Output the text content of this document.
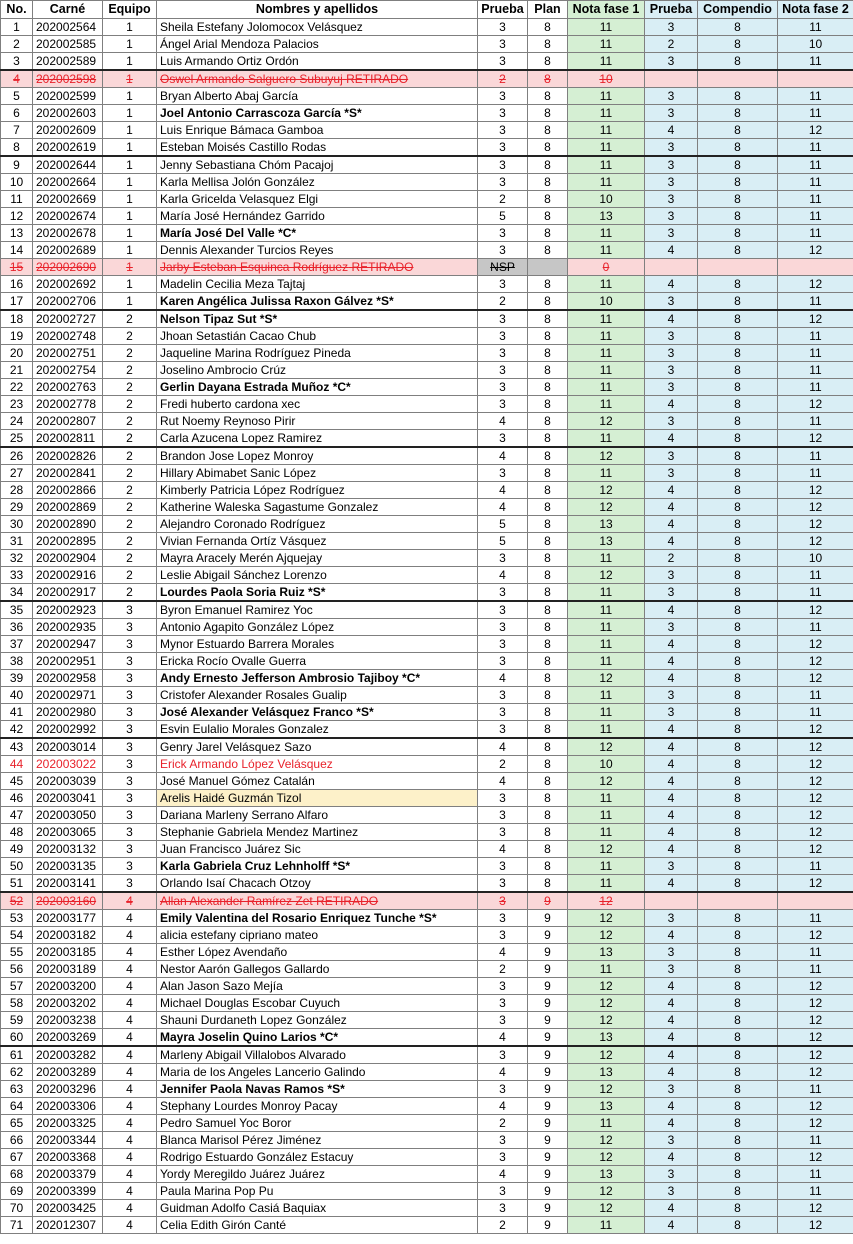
No.	Carné	Equipo	Nombres y apellidos	Prueba	Plan	Nota fase 1	Prueba	Compendio	Nota fase 2
1	202002564	1	Sheila Estefany Jolomocox Velásquez	3	8	11	3	8	11
2	202002585	1	Ángel Arial Mendoza Palacios	3	8	11	2	8	10
3	202002589	1	Luis Armando Ortiz Ordón	3	8	11	3	8	11
4	202002598	1	Oswel Armando Salguero Subuyuj RETIRADO	2	8	10			
5	202002599	1	Bryan Alberto Abaj García	3	8	11	3	8	11
6	202002603	1	Joel Antonio Carrascoza García *S*	3	8	11	3	8	11
7	202002609	1	Luis Enrique Bámaca Gamboa	3	8	11	4	8	12
8	202002619	1	Esteban Moisés Castillo Rodas	3	8	11	3	8	11
9	202002644	1	Jenny Sebastiana Chóm Pacajoj	3	8	11	3	8	11
10	202002664	1	Karla Mellisa Jolón González	3	8	11	3	8	11
11	202002669	1	Karla Gricelda Velasquez Elgi	2	8	10	3	8	11
12	202002674	1	María José Hernández Garrido	5	8	13	3	8	11
13	202002678	1	María José Del Valle *C*	3	8	11	3	8	11
14	202002689	1	Dennis Alexander Turcios Reyes	3	8	11	4	8	12
15	202002690	1	Jarby Esteban Esquinca Rodríguez RETIRADO	NSP		0			
16	202002692	1	Madelin Cecilia Meza Tajtaj	3	8	11	4	8	12
17	202002706	1	Karen Angélica Julissa Raxon Gálvez *S*	2	8	10	3	8	11
18	202002727	2	Nelson Tipaz Sut *S*	3	8	11	4	8	12
19	202002748	2	Jhoan Setastián Cacao Chub	3	8	11	3	8	11
20	202002751	2	Jaqueline Marina Rodríguez Pineda	3	8	11	3	8	11
21	202002754	2	Joselino Ambrocio Crúz	3	8	11	3	8	11
22	202002763	2	Gerlin Dayana Estrada Muñoz *C*	3	8	11	3	8	11
23	202002778	2	Fredi huberto cardona xec	3	8	11	4	8	12
24	202002807	2	Rut Noemy Reynoso Pirir	4	8	12	3	8	11
25	202002811	2	Carla Azucena Lopez Ramirez	3	8	11	4	8	12
26	202002826	2	Brandon Jose Lopez Monroy	4	8	12	3	8	11
27	202002841	2	Hillary Abimabet Sanic López	3	8	11	3	8	11
28	202002866	2	Kimberly Patricia López Rodríguez	4	8	12	4	8	12
29	202002869	2	Katherine Waleska Sagastume Gonzalez	4	8	12	4	8	12
30	202002890	2	Alejandro Coronado Rodríguez	5	8	13	4	8	12
31	202002895	2	Vivian Fernanda Ortíz Vásquez	5	8	13	4	8	12
32	202002904	2	Mayra Aracely Merén Ajquejay	3	8	11	2	8	10
33	202002916	2	Leslie Abigail Sánchez Lorenzo	4	8	12	3	8	11
34	202002917	2	Lourdes Paola Soria Ruiz *S*	3	8	11	3	8	11
35	202002923	3	Byron Emanuel Ramirez Yoc	3	8	11	4	8	12
36	202002935	3	Antonio Agapito González López	3	8	11	3	8	11
37	202002947	3	Mynor Estuardo Barrera Morales	3	8	11	4	8	12
38	202002951	3	Ericka Rocío Ovalle Guerra	3	8	11	4	8	12
39	202002958	3	Andy Ernesto Jefferson Ambrosio Tajiboy *C*	4	8	12	4	8	12
40	202002971	3	Cristofer Alexander Rosales Gualip	3	8	11	3	8	11
41	202002980	3	José Alexander Velásquez Franco *S*	3	8	11	3	8	11
42	202002992	3	Esvin Eulalio Morales Gonzalez	3	8	11	4	8	12
43	202003014	3	Genry Jarel Velásquez Sazo	4	8	12	4	8	12
44	202003022	3	Erick Armando López Velásquez	2	8	10	4	8	12
45	202003039	3	José Manuel Gómez Catalán	4	8	12	4	8	12
46	202003041	3	Arelis Haidé Guzmán Tizol	3	8	11	4	8	12
47	202003050	3	Dariana Marleny Serrano Alfaro	3	8	11	4	8	12
48	202003065	3	Stephanie Gabriela Mendez Martinez	3	8	11	4	8	12
49	202003132	3	Juan Francisco Juárez Sic	4	8	12	4	8	12
50	202003135	3	Karla Gabriela Cruz Lehnholff *S*	3	8	11	3	8	11
51	202003141	3	Orlando Isaí Chacach Otzoy	3	8	11	4	8	12
52	202003160	4	Allan Alexander Ramírez Zet RETIRADO	3	9	12			
53	202003177	4	Emily Valentina del Rosario Enriquez Tunche *S*	3	9	12	3	8	11
54	202003182	4	alicia estefany cipriano mateo	3	9	12	4	8	12
55	202003185	4	Esther López Avendaño	4	9	13	3	8	11
56	202003189	4	Nestor Aarón Gallegos Gallardo	2	9	11	3	8	11
57	202003200	4	Alan Jason Sazo Mejía	3	9	12	4	8	12
58	202003202	4	Michael Douglas Escobar Cuyuch	3	9	12	4	8	12
59	202003238	4	Shauni Durdaneth Lopez González	3	9	12	4	8	12
60	202003269	4	Mayra Joselin Quino Larios *C*	4	9	13	4	8	12
61	202003282	4	Marleny Abigail Villalobos Alvarado	3	9	12	4	8	12
62	202003289	4	Maria de los Angeles Lancerio Galindo	4	9	13	4	8	12
63	202003296	4	Jennifer Paola Navas Ramos *S*	3	9	12	3	8	11
64	202003306	4	Stephany Lourdes Monroy Pacay	4	9	13	4	8	12
65	202003325	4	Pedro Samuel Yoc Boror	2	9	11	4	8	12
66	202003344	4	Blanca Marisol Pérez Jiménez	3	9	12	3	8	11
67	202003368	4	Rodrigo Estuardo González Estacuy	3	9	12	4	8	12
68	202003379	4	Yordy Meregildo Juárez Juárez	4	9	13	3	8	11
69	202003399	4	Paula Marina Pop Pu	3	9	12	3	8	11
70	202003425	4	Guidman Adolfo Casiá Baquiax	3	9	12	4	8	12
71	202012307	4	Celia Edith Girón Canté	2	9	11	4	8	12
